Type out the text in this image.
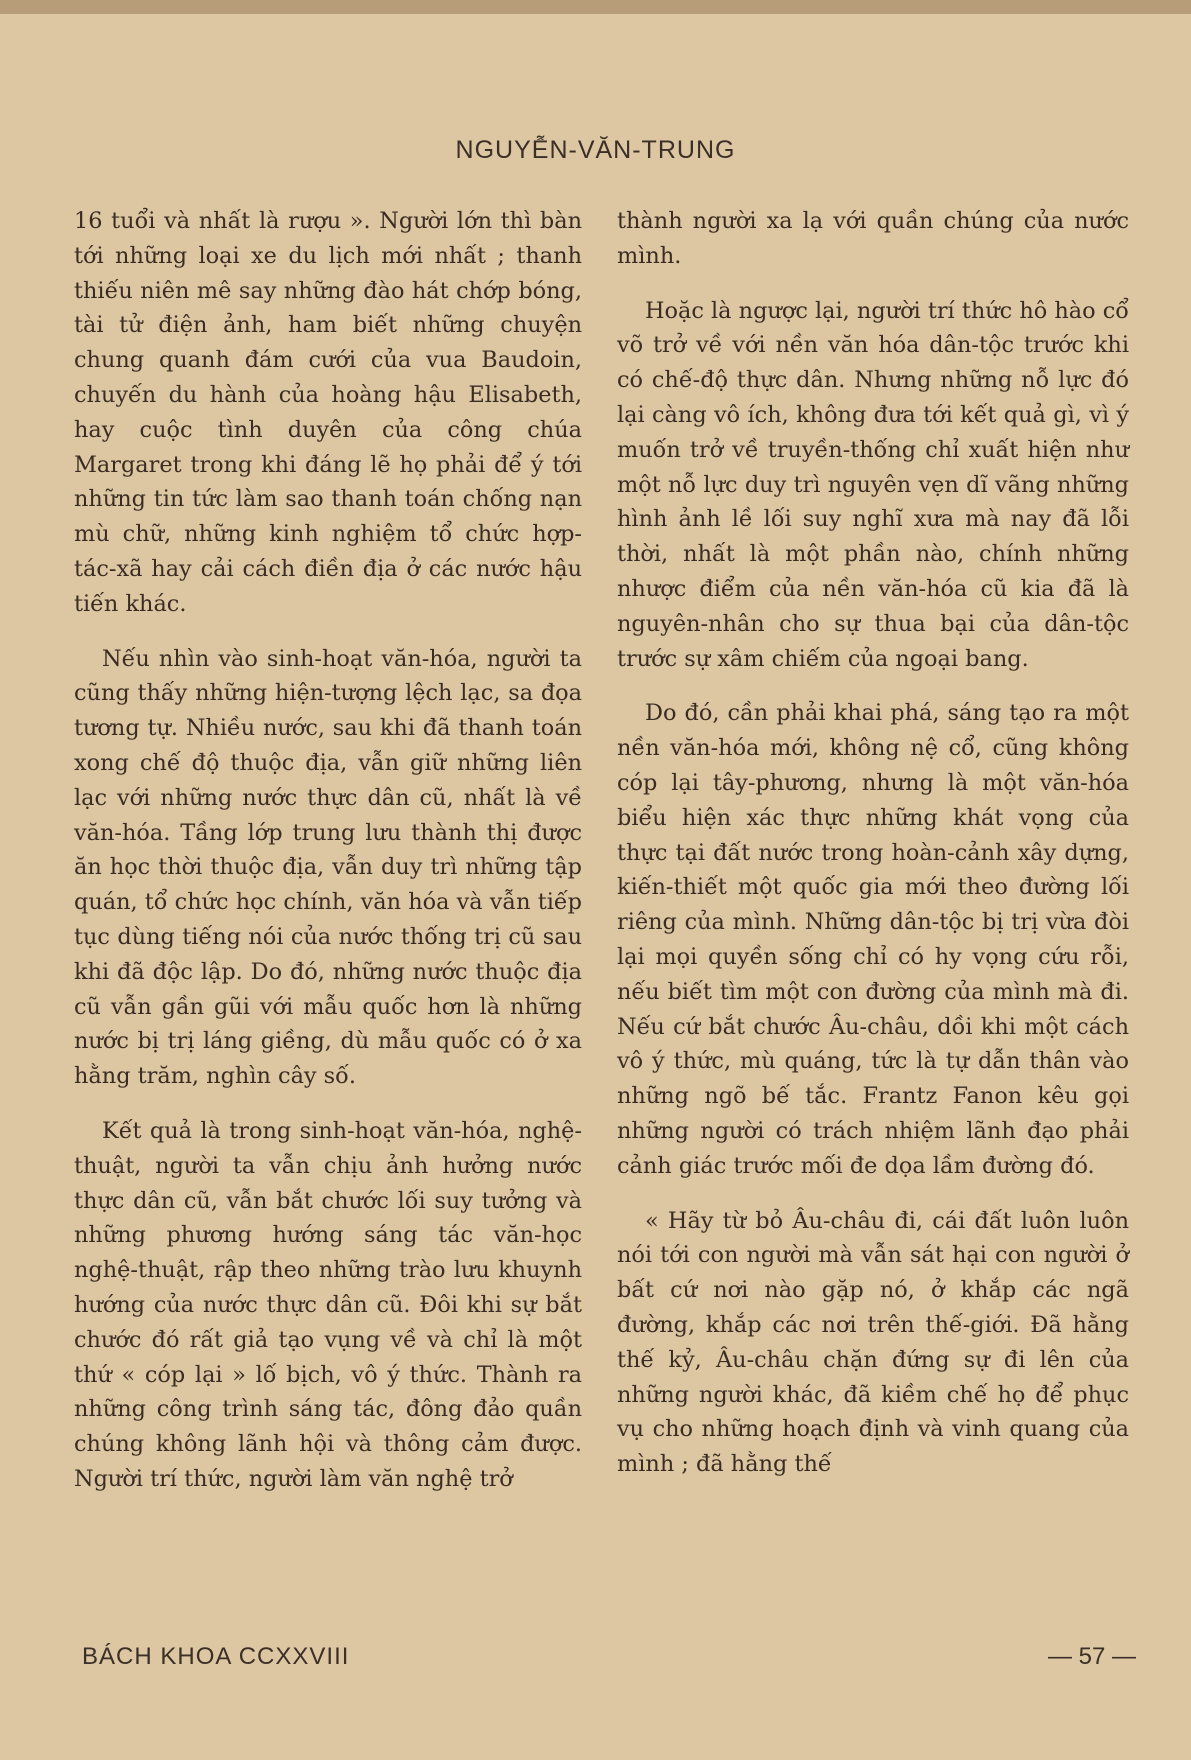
NGUYỄN-VĂN-TRUNG

16 tuổi và nhất là rượu ». Người lớn thì bàn tới những loại xe du lịch mới nhất ; thanh thiếu niên mê say những đào hát chớp bóng, tài tử điện ảnh, ham biết những chuyện chung quanh đám cưới của vua Baudoin, chuyến du hành của hoàng hậu Elisabeth, hay cuộc tình duyên của công chúa Margaret trong khi đáng lẽ họ phải để ý tới những tin tức làm sao thanh toán chống nạn mù chữ, những kinh nghiệm tổ chức hợp-tác-xã hay cải cách điền địa ở các nước hậu tiến khác.

Nếu nhìn vào sinh-hoạt văn-hóa, người ta cũng thấy những hiện-tượng lệch lạc, sa đọa tương tự. Nhiều nước, sau khi đã thanh toán xong chế độ thuộc địa, vẫn giữ những liên lạc với những nước thực dân cũ, nhất là về văn-hóa. Tầng lớp trung lưu thành thị được ăn học thời thuộc địa, vẫn duy trì những tập quán, tổ chức học chính, văn hóa và vẫn tiếp tục dùng tiếng nói của nước thống trị cũ sau khi đã độc lập. Do đó, những nước thuộc địa cũ vẫn gần gũi với mẫu quốc hơn là những nước bị trị láng giềng, dù mẫu quốc có ở xa hằng trăm, nghìn cây số.

Kết quả là trong sinh-hoạt văn-hóa, nghệ-thuật, người ta vẫn chịu ảnh hưởng nước thực dân cũ, vẫn bắt chước lối suy tưởng và những phương hướng sáng tác văn-học nghệ-thuật, rập theo những trào lưu khuynh hướng của nước thực dân cũ. Đôi khi sự bắt chước đó rất giả tạo vụng về và chỉ là một thứ « cóp lại » lố bịch, vô ý thức. Thành ra những công trình sáng tác, đông đảo quần chúng không lãnh hội và thông cảm được. Người trí thức, người làm văn nghệ trở

thành người xa lạ với quần chúng của nước mình.

Hoặc là ngược lại, người trí thức hô hào cổ võ trở về với nền văn hóa dân-tộc trước khi có chế-độ thực dân. Nhưng những nỗ lực đó lại càng vô ích, không đưa tới kết quả gì, vì ý muốn trở về truyền-thống chỉ xuất hiện như một nỗ lực duy trì nguyên vẹn dĩ vãng những hình ảnh lề lối suy nghĩ xưa mà nay đã lỗi thời, nhất là một phần nào, chính những nhược điểm của nền văn-hóa cũ kia đã là nguyên-nhân cho sự thua bại của dân-tộc trước sự xâm chiếm của ngoại bang.

Do đó, cần phải khai phá, sáng tạo ra một nền văn-hóa mới, không nệ cổ, cũng không cóp lại tây-phương, nhưng là một văn-hóa biểu hiện xác thực những khát vọng của thực tại đất nước trong hoàn-cảnh xây dựng, kiến-thiết một quốc gia mới theo đường lối riêng của mình. Những dân-tộc bị trị vừa đòi lại mọi quyền sống chỉ có hy vọng cứu rỗi, nếu biết tìm một con đường của mình mà đi. Nếu cứ bắt chước Âu-châu, dồi khi một cách vô ý thức, mù quáng, tức là tự dẫn thân vào những ngõ bế tắc. Frantz Fanon kêu gọi những người có trách nhiệm lãnh đạo phải cảnh giác trước mối đe dọa lầm đường đó.

« Hãy từ bỏ Âu-châu đi, cái đất luôn luôn nói tới con người mà vẫn sát hại con người ở bất cứ nơi nào gặp nó, ở khắp các ngã đường, khắp các nơi trên thế-giới. Đã hằng thế kỷ, Âu-châu chặn đứng sự đi lên của những người khác, đã kiềm chế họ để phục vụ cho những hoạch định và vinh quang của mình ; đã hằng thế

BÁCH KHOA CCXXVIII	— 57 —
